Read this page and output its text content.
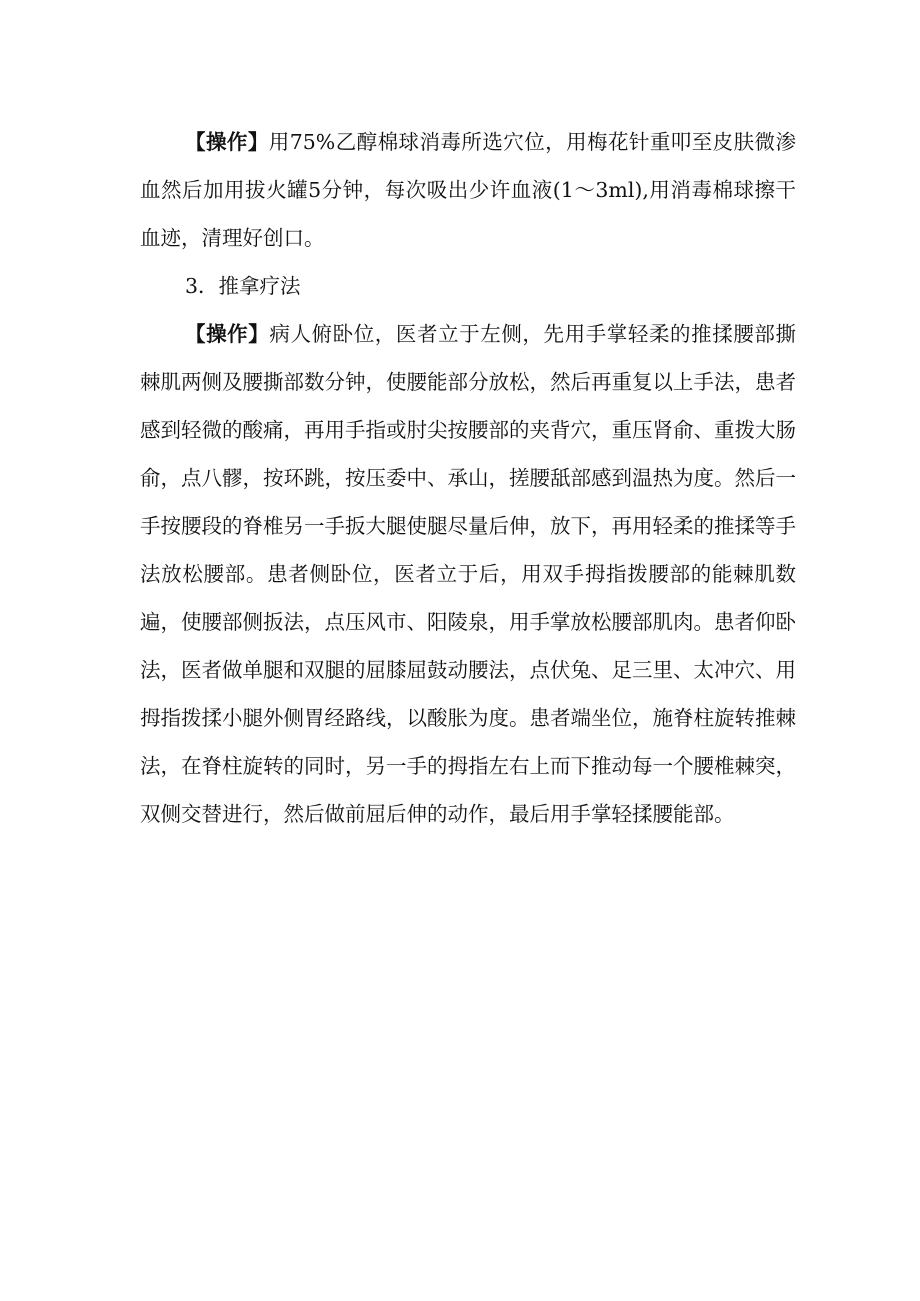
【操作】用75%乙醇棉球消毒所选穴位，用梅花针重叩至皮肤微渗血然后加用拔火罐5分钟，每次吸出少许血液(1～3ml),用消毒棉球擦干血迹，清理好创口。

3．推拿疗法

【操作】病人俯卧位，医者立于左侧，先用手掌轻柔的推揉腰部撕棘肌两侧及腰撕部数分钟，使腰能部分放松，然后再重复以上手法，患者感到轻微的酸痛，再用手指或肘尖按腰部的夹背穴，重压肾俞、重拨大肠俞，点八髎，按环跳，按压委中、承山，搓腰舐部感到温热为度。然后一手按腰段的脊椎另一手扳大腿使腿尽量后伸，放下，再用轻柔的推揉等手法放松腰部。患者侧卧位，医者立于后，用双手拇指拨腰部的能棘肌数遍，使腰部侧扳法，点压风市、阳陵泉，用手掌放松腰部肌肉。患者仰卧法，医者做单腿和双腿的屈膝屈鼓动腰法，点伏兔、足三里、太冲穴、用拇指拨揉小腿外侧胃经路线，以酸胀为度。患者端坐位，施脊柱旋转推棘法，在脊柱旋转的同时，另一手的拇指左右上而下推动每一个腰椎棘突，双侧交替进行，然后做前屈后伸的动作，最后用手掌轻揉腰能部。
